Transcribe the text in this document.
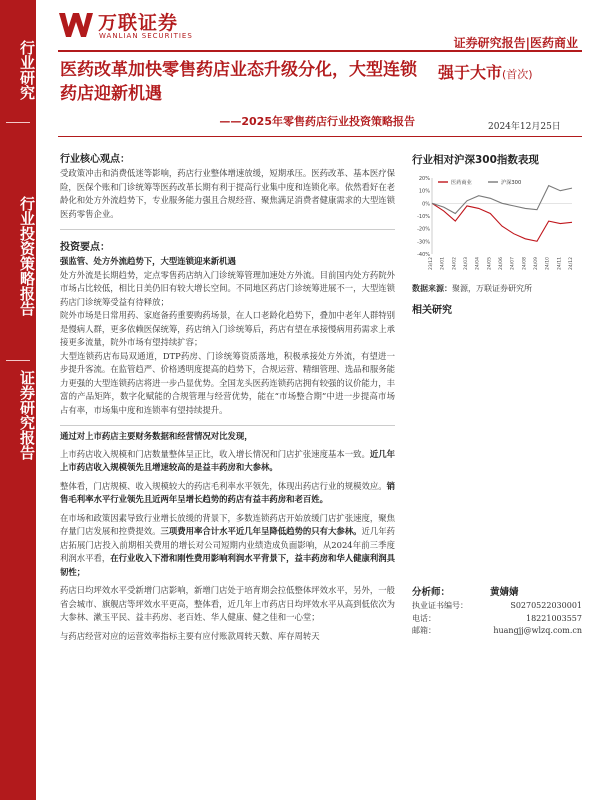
行业研究
行业投资策略报告
证券研究报告
万联证券
WANLIAN SECURITIES	证券研究报告|医药商业
医药改革加快零售药店业态升级分化，大型连锁药店迎新机遇
——2025年零售药店行业投资策略报告
强于大市(首次)
2024年12月25日
行业核心观点：

受政策冲击和消费低迷等影响，药店行业整体增速放缓，短期承压。医药改革、基本医疗保险，医保个账和门诊统筹等医药改革长期有利于提高行业集中度和连锁化率。依然看好在老龄化和处方外流趋势下，专业服务能力强且合规经营、聚焦满足消费者健康需求的大型连锁医药零售企业。

投资要点：

强监管、处方外流趋势下，大型连锁迎来新机遇

处方外流是长期趋势，定点零售药店纳入门诊统筹管理加速处方外流。目前国内处方药院外市场占比较低，相比日美仍旧有较大增长空间。不同地区药店门诊统筹进展不一，大型连锁药店门诊统筹受益有待释放；

院外市场是日常用药、家庭备药重要购药场景，在人口老龄化趋势下，叠加中老年人群特别是慢病人群，更多依赖医保统筹，药店纳入门诊统筹后，药店有望在承接慢病用药需求上承接更多流量，院外市场有望持续扩容；

大型连锁药店布局双通道，DTP药房、门诊统筹资质落地，积极承接处方外流，有望进一步提升客流。在监管趋严、价格透明度提高的趋势下，合规运营、精细管理、选品和服务能力更强的大型连锁药店将进一步凸显优势。全国龙头医药连锁药店拥有较强的议价能力，丰富的产品矩阵，数字化赋能的合规管理与经营优势，能在“市场整合期”中进一步提高市场占有率，市场集中度和连锁率有望持续提升。

通过对上市药店主要财务数据和经营情况对比发现，

上市药店收入规模和门店数量整体呈正比，收入增长情况和门店扩张速度基本一致。近几年上市药店收入规模领先且增速较高的是益丰药房和大参林。

整体看，门店规模、收入规模较大的药店毛利率水平领先，体现出药店行业的规模效应。销售毛利率水平行业领先且近两年呈增长趋势的药店有益丰药房和老百姓。

在市场和政策因素导致行业增长放缓的背景下，多数连锁药店开始放缓门店扩张速度，聚焦存量门店发展和控费提效。三项费用率合计水平近几年呈降低趋势的只有大参林。近几年药店拓展门店投入前期相关费用的增长对公司短期内业绩造成负面影响，从2024年前三季度利润水平看，在行业收入下滑和刚性费用影响利润水平背景下，益丰药房和华人健康利润具韧性；

药店日均坪效水平受新增门店影响，新增门店处于培育期会拉低整体坪效水平，另外，一般省会城市、旗舰店等坪效水平更高，整体看，近几年上市药店日均坪效水平从高到低依次为大参林、漱玉平民、益丰药房、老百姓、华人健康、健之佳和一心堂；

与药店经营对应的运营效率指标主要有应付账款周转天数、库存周转天

行业相对沪深300指数表现
20%
10%
0%
-10%
-20%
-30%
-40%
23/12 24/01 24/02 24/03 24/04 24/05 24/06 24/07 24/08 24/09 24/10 24/11 24/12
医药商业	沪深300
数据来源：聚源，万联证券研究所
相关研究
分析师：	黄婧婧
执业证书编号：	S0270522030001
电话：	18221003557
邮箱：	huangjj@wlzq.com.cn
